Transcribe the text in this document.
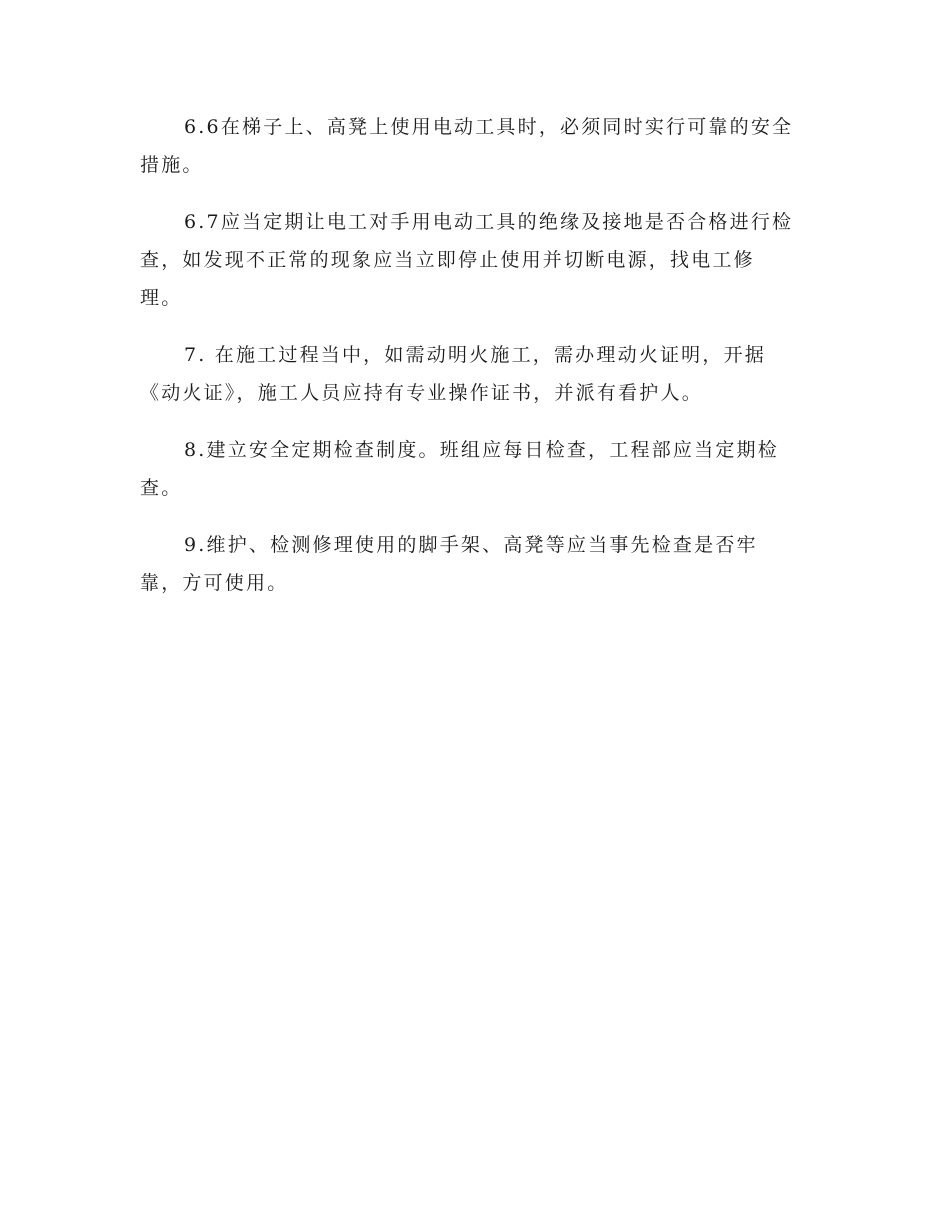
6.6在梯子上、高凳上使用电动工具时，必须同时实行可靠的安全
措施。

6.7应当定期让电工对手用电动工具的绝缘及接地是否合格进行检
查，如发现不正常的现象应当立即停止使用并切断电源，找电工修
理。

7. 在施工过程当中，如需动明火施工，需办理动火证明，开据
《动火证》，施工人员应持有专业操作证书，并派有看护人。

8.建立安全定期检查制度。班组应每日检查，工程部应当定期检
查。

9.维护、检测修理使用的脚手架、高凳等应当事先检查是否牢
靠，方可使用。
